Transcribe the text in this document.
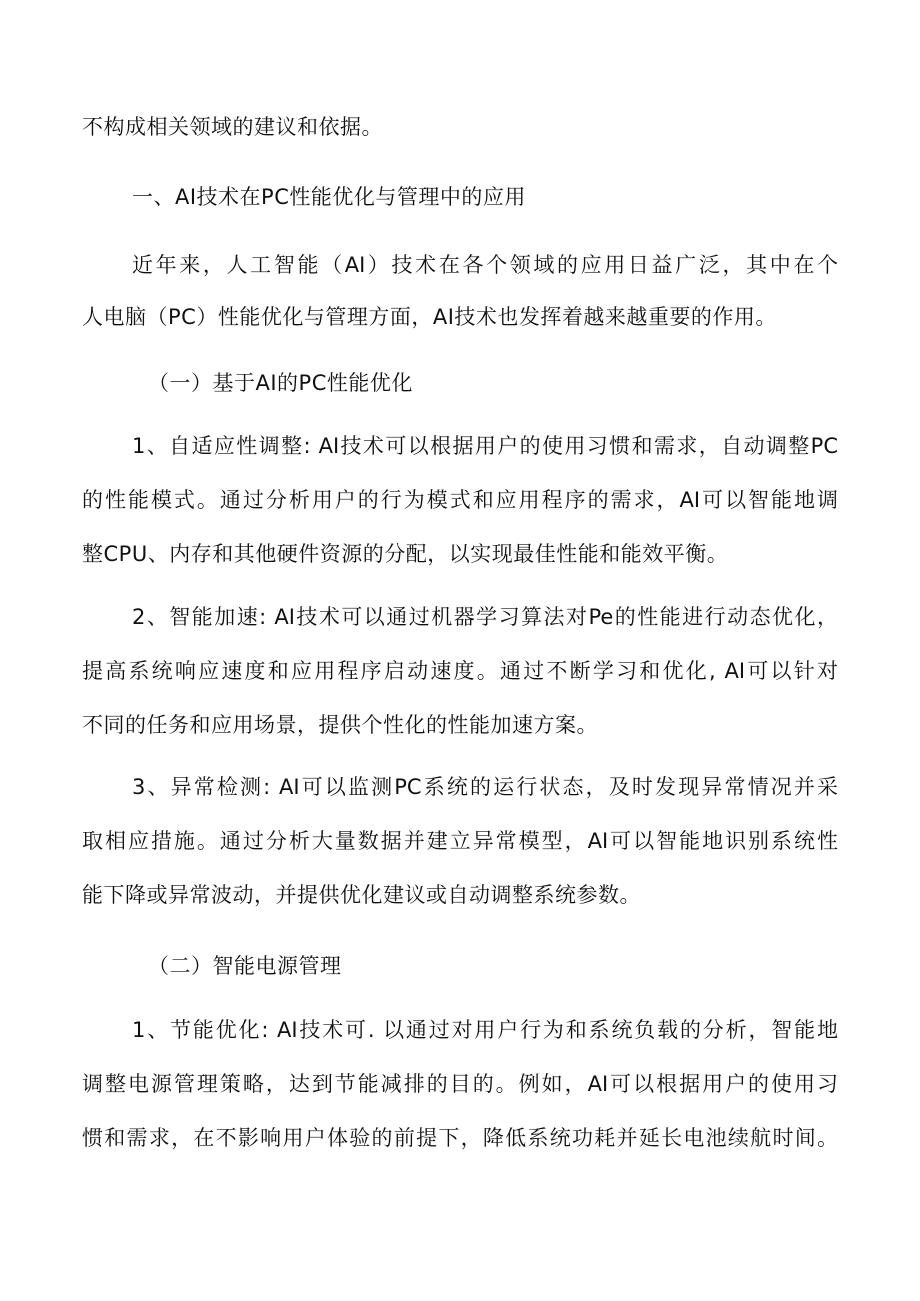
不构成相关领域的建议和依据。
一、AI技术在PC性能优化与管理中的应用
近年来，人工智能（AI）技术在各个领域的应用日益广泛，其中在个
人电脑（PC）性能优化与管理方面，AI技术也发挥着越来越重要的作用。
（一）基于AI的PC性能优化
1、自适应性调整: AI技术可以根据用户的使用习惯和需求，自动调整PC
的性能模式。通过分析用户的行为模式和应用程序的需求，AI可以智能地调
整CPU、内存和其他硬件资源的分配，以实现最佳性能和能效平衡。
2、智能加速: AI技术可以通过机器学习算法对Pe的性能进行动态优化，
提高系统响应速度和应用程序启动速度。通过不断学习和优化, AI可以针对
不同的任务和应用场景，提供个性化的性能加速方案。
3、异常检测: AI可以监测PC系统的运行状态，及时发现异常情况并采
取相应措施。通过分析大量数据并建立异常模型，AI可以智能地识别系统性
能下降或异常波动，并提供优化建议或自动调整系统参数。
（二）智能电源管理
1、节能优化: AI技术可. 以通过对用户行为和系统负载的分析，智能地
调整电源管理策略，达到节能减排的目的。例如，AI可以根据用户的使用习
惯和需求，在不影响用户体验的前提下，降低系统功耗并延长电池续航时间。
